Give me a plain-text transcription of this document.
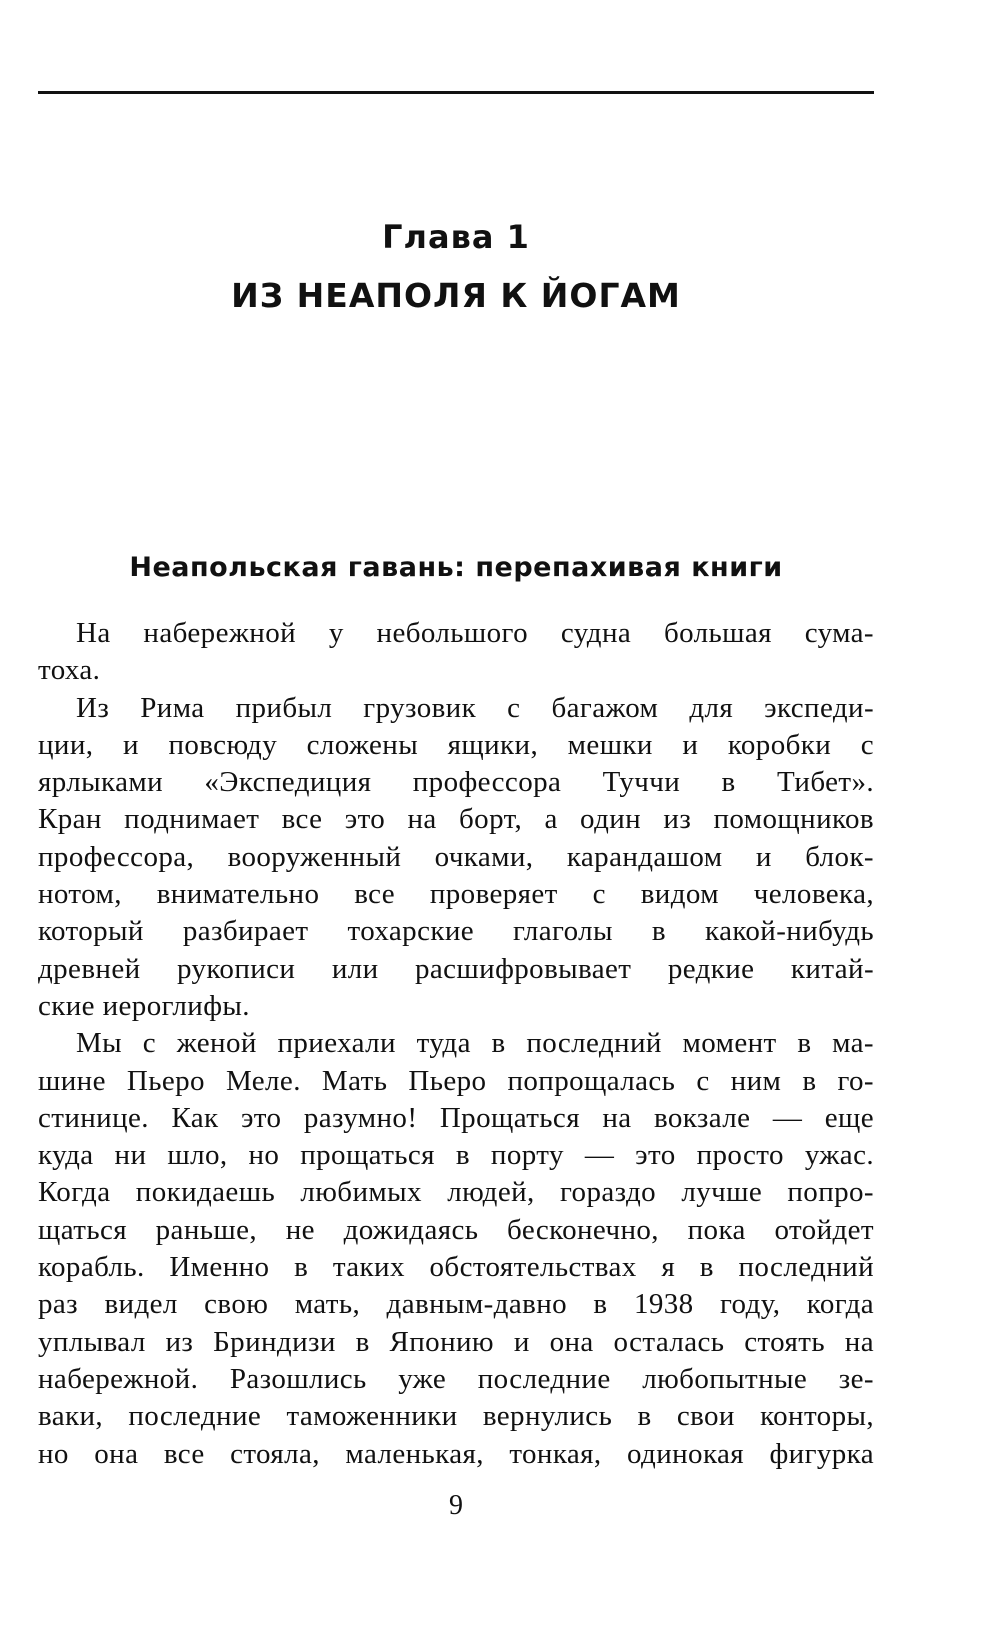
Глава 1
ИЗ НЕАПОЛЯ К ЙОГАМ
Неапольская гавань: перепахивая книги
На набережной у небольшого судна большая сума-
тоха.
Из Рима прибыл грузовик с багажом для экспеди-
ции, и повсюду сложены ящики, мешки и коробки с
ярлыками «Экспедиция профессора Туччи в Тибет».
Кран поднимает все это на борт, а один из помощников
профессора, вооруженный очками, карандашом и блок-
нотом, внимательно все проверяет с видом человека,
который разбирает тохарские глаголы в какой-нибудь
древней рукописи или расшифровывает редкие китай-
ские иероглифы.
Мы с женой приехали туда в последний момент в ма-
шине Пьеро Меле. Мать Пьеро попрощалась с ним в го-
стинице. Как это разумно! Прощаться на вокзале — еще
куда ни шло, но прощаться в порту — это просто ужас.
Когда покидаешь любимых людей, гораздо лучше попро-
щаться раньше, не дожидаясь бесконечно, пока отойдет
корабль. Именно в таких обстоятельствах я в последний
раз видел свою мать, давным-давно в 1938 году, когда
уплывал из Бриндизи в Японию и она осталась стоять на
набережной. Разошлись уже последние любопытные зе-
ваки, последние таможенники вернулись в свои конторы,
но она все стояла, маленькая, тонкая, одинокая фигурка
9
